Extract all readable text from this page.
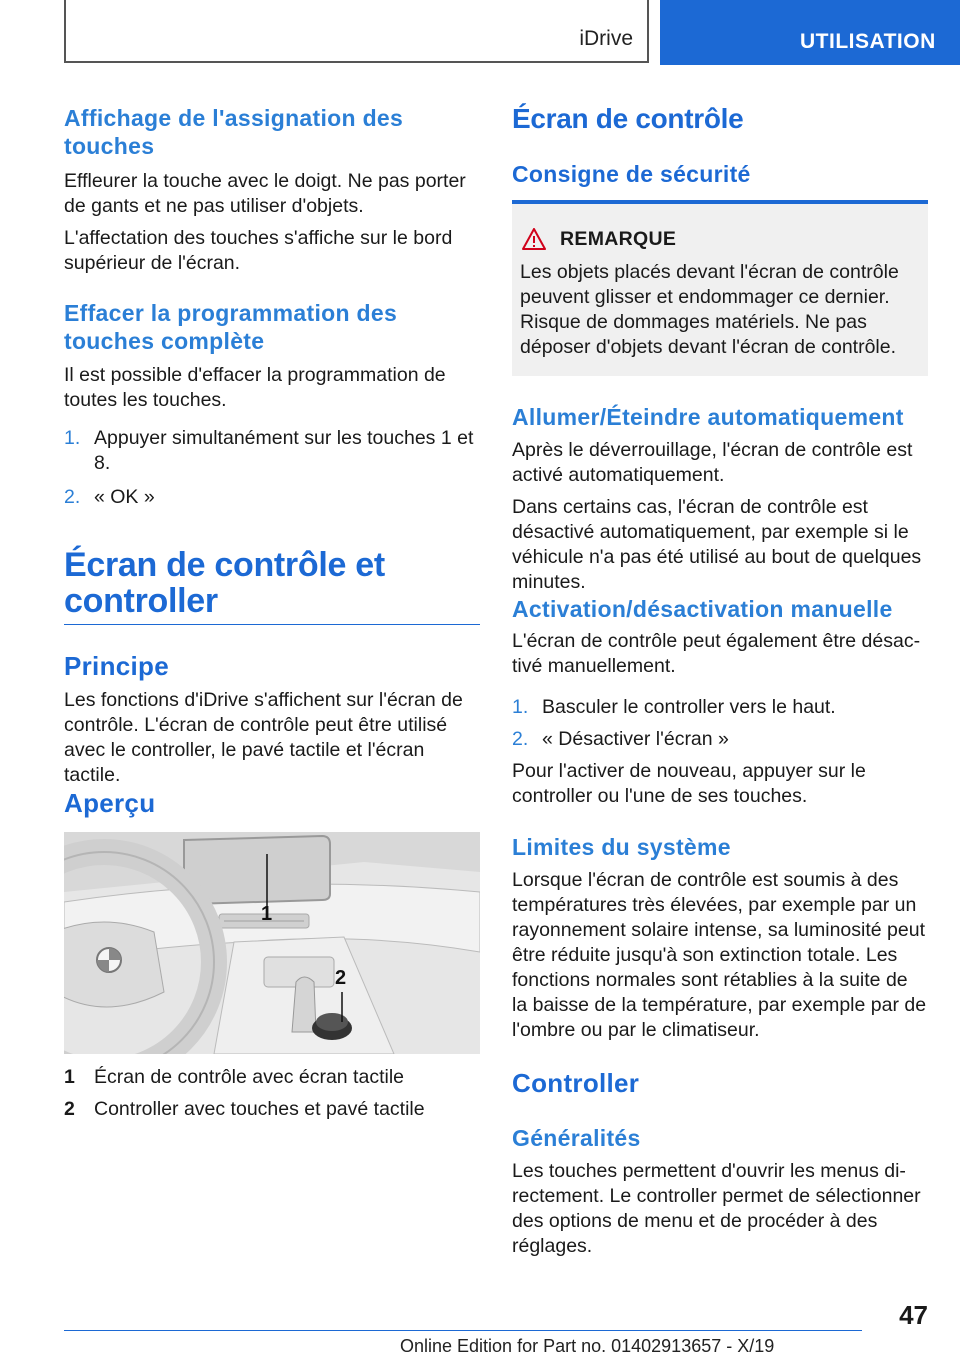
iDrive	UTILISATION
Affichage de l'assignation des touches

Effleurer la touche avec le doigt. Ne pas porter de gants et ne pas utiliser d'objets.

L'affectation des touches s'affiche sur le bord supérieur de l'écran.

Effacer la programmation des touches complète

Il est possible d'effacer la programmation de toutes les touches.

1. Appuyer simultanément sur les touches 1 et 8.
2. « OK »
Écran de contrôle et controller
Principe

Les fonctions d'iDrive s'affichent sur l'écran de contrôle. L'écran de contrôle peut être utilisé avec le controller, le pavé tactile et l'écran tactile.

Aperçu
1
2
1 Écran de contrôle avec écran tactile
2 Controller avec touches et pavé tactile
Écran de contrôle
Consigne de sécurité
REMARQUE

Les objets placés devant l'écran de contrôle peuvent glisser et endommager ce dernier. Risque de dommages matériels. Ne pas déposer d'objets devant l'écran de contrôle.

Allumer/Éteindre automatiquement

Après le déverrouillage, l'écran de contrôle est activé automatiquement.

Dans certains cas, l'écran de contrôle est désactivé automatiquement, par exemple si le véhicule n'a pas été utilisé au bout de quelques minutes.

Activation/désactivation manuelle

L'écran de contrôle peut également être désactivé manuellement.

1. Basculer le controller vers le haut.
2. « Désactiver l'écran »

Pour l'activer de nouveau, appuyer sur le controller ou l'une de ses touches.

Limites du système

Lorsque l'écran de contrôle est soumis à des températures très élevées, par exemple par un rayonnement solaire intense, sa luminosité peut être réduite jusqu'à son extinction totale. Les fonctions normales sont rétablies à la suite de la baisse de la température, par exemple par de l'ombre ou par le climatiseur.

Controller
Généralités

Les touches permettent d'ouvrir les menus directement. Le controller permet de sélectionner des options de menu et de procéder à des réglages.

47
Online Edition for Part no. 01402913657 - X/19
